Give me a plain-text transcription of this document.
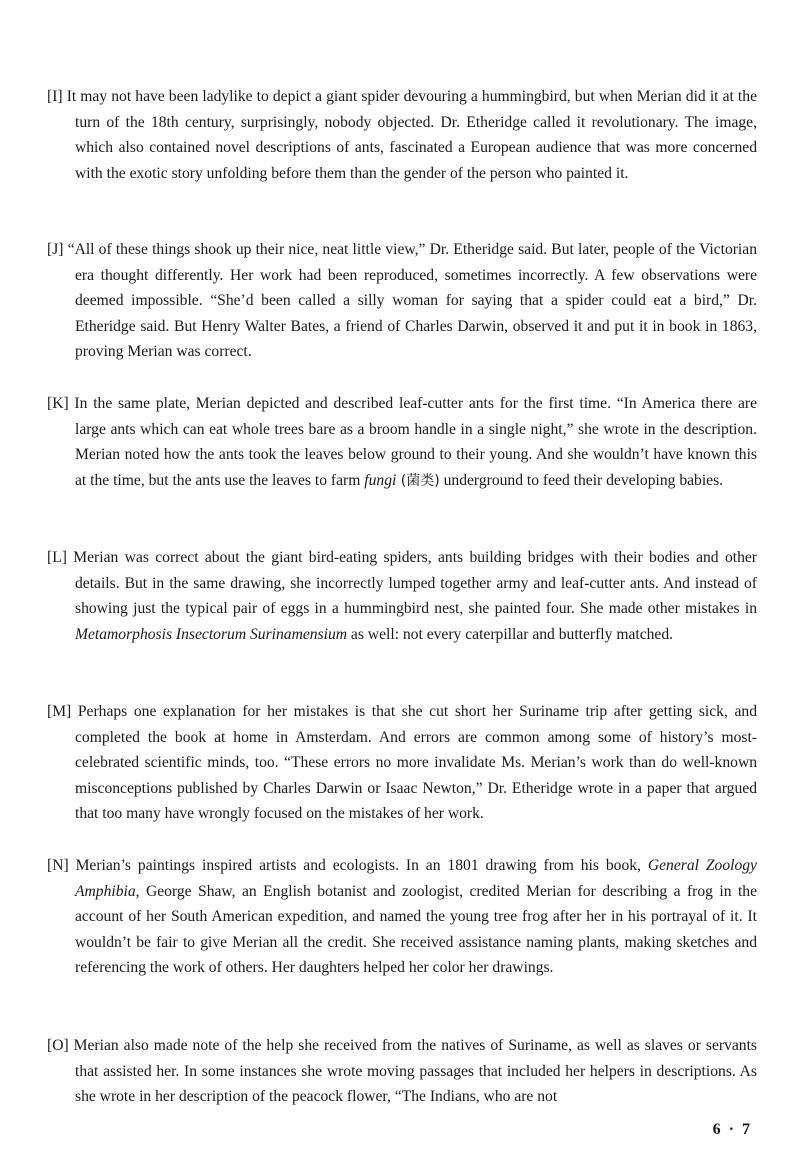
[I] It may not have been ladylike to depict a giant spider devouring a hummingbird, but when Merian did it at the turn of the 18th century, surprisingly, nobody objected. Dr. Etheridge called it revolutionary. The image, which also contained novel descriptions of ants, fascinated a European audience that was more concerned with the exotic story unfolding before them than the gender of the person who painted it.

[J] “All of these things shook up their nice, neat little view,” Dr. Etheridge said. But later, people of the Victorian era thought differently. Her work had been reproduced, sometimes incorrectly. A few observations were deemed impossible. “She’d been called a silly woman for saying that a spider could eat a bird,” Dr. Etheridge said. But Henry Walter Bates, a friend of Charles Darwin, observed it and put it in book in 1863, proving Merian was correct.

[K] In the same plate, Merian depicted and described leaf-cutter ants for the first time. “In America there are large ants which can eat whole trees bare as a broom handle in a single night,” she wrote in the description. Merian noted how the ants took the leaves below ground to their young. And she wouldn’t have known this at the time, but the ants use the leaves to farm fungi (菌类) underground to feed their developing babies.

[L] Merian was correct about the giant bird-eating spiders, ants building bridges with their bodies and other details. But in the same drawing, she incorrectly lumped together army and leaf-cutter ants. And instead of showing just the typical pair of eggs in a hummingbird nest, she painted four. She made other mistakes in Metamorphosis Insectorum Surinamensium as well: not every caterpillar and butterfly matched.

[M] Perhaps one explanation for her mistakes is that she cut short her Suriname trip after getting sick, and completed the book at home in Amsterdam. And errors are common among some of history’s most-celebrated scientific minds, too. “These errors no more invalidate Ms. Merian’s work than do well-known misconceptions published by Charles Darwin or Isaac Newton,” Dr. Etheridge wrote in a paper that argued that too many have wrongly focused on the mistakes of her work.

[N] Merian’s paintings inspired artists and ecologists. In an 1801 drawing from his book, General Zoology Amphibia, George Shaw, an English botanist and zoologist, credited Merian for describing a frog in the account of her South American expedition, and named the young tree frog after her in his portrayal of it. It wouldn’t be fair to give Merian all the credit. She received assistance naming plants, making sketches and referencing the work of others. Her daughters helped her color her drawings.

[O] Merian also made note of the help she received from the natives of Suriname, as well as slaves or servants that assisted her. In some instances she wrote moving passages that included her helpers in descriptions. As she wrote in her description of the peacock flower, “The Indians, who are not

6 · 7
